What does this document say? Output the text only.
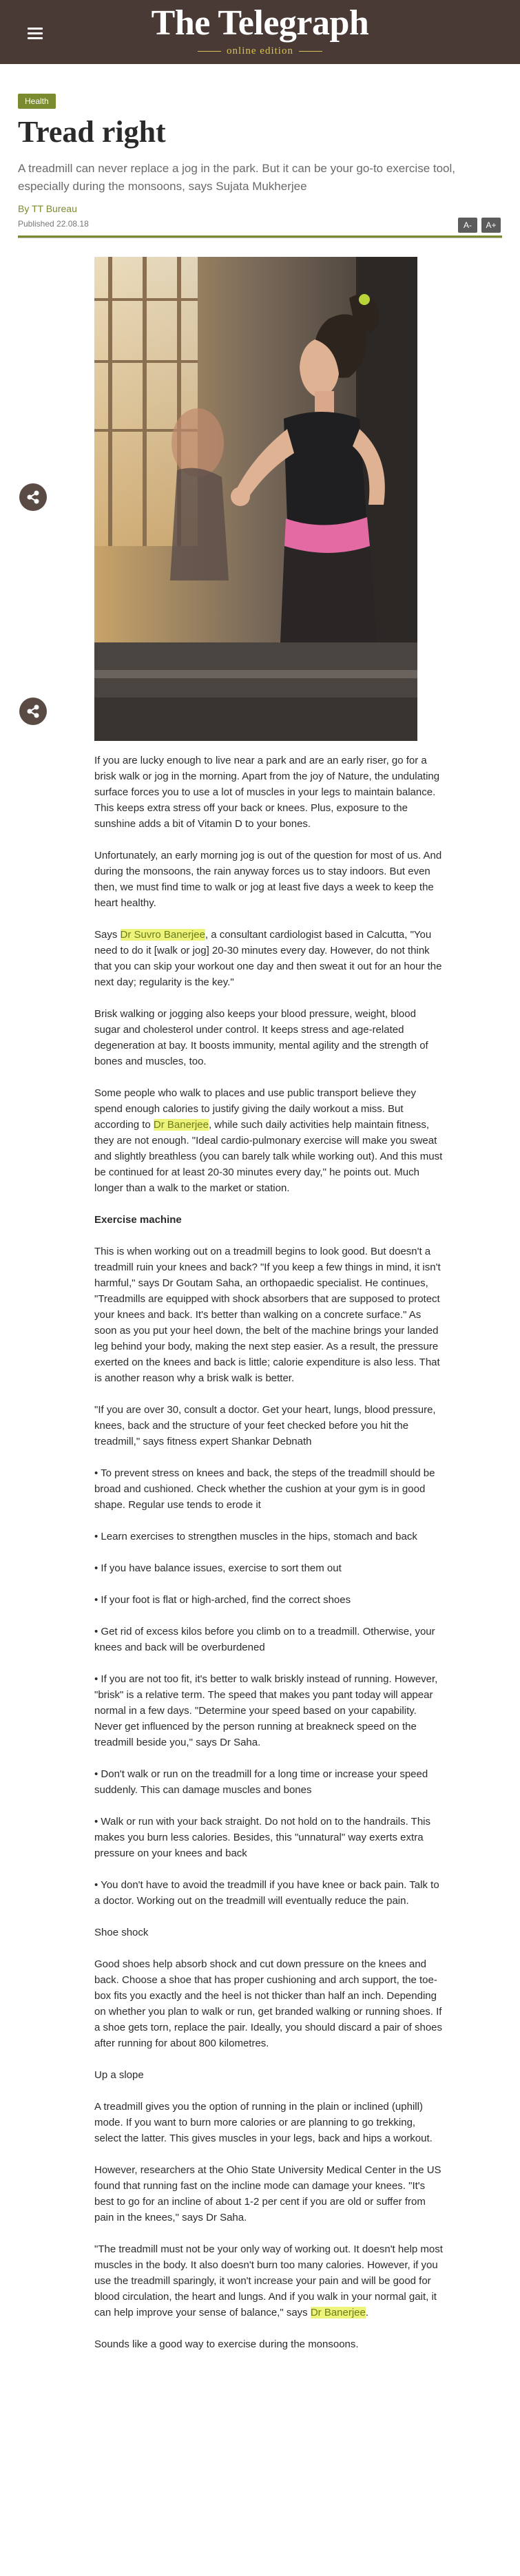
The Telegraph
online edition
Health
Tread right

A treadmill can never replace a jog in the park. But it can be your go-to exercise tool, especially during the monsoons, says Sujata Mukherjee

By TT Bureau
Published 22.08.18	A-	A+

If you are lucky enough to live near a park and are an early riser, go for a brisk walk or jog in the morning. Apart from the joy of Nature, the undulating surface forces you to use a lot of muscles in your legs to maintain balance. This keeps extra stress off your back or knees. Plus, exposure to the sunshine adds a bit of Vitamin D to your bones.

Unfortunately, an early morning jog is out of the question for most of us. And during the monsoons, the rain anyway forces us to stay indoors. But even then, we must find time to walk or jog at least five days a week to keep the heart healthy.

Says Dr Suvro Banerjee, a consultant cardiologist based in Calcutta, "You need to do it [walk or jog] 20-30 minutes every day. However, do not think that you can skip your workout one day and then sweat it out for an hour the next day; regularity is the key."

Brisk walking or jogging also keeps your blood pressure, weight, blood sugar and cholesterol under control. It keeps stress and age-related degeneration at bay. It boosts immunity, mental agility and the strength of bones and muscles, too.

Some people who walk to places and use public transport believe they spend enough calories to justify giving the daily workout a miss. But according to Dr Banerjee, while such daily activities help maintain fitness, they are not enough. "Ideal cardio-pulmonary exercise will make you sweat and slightly breathless (you can barely talk while working out). And this must be continued for at least 20-30 minutes every day," he points out. Much longer than a walk to the market or station.

Exercise machine

This is when working out on a treadmill begins to look good. But doesn't a treadmill ruin your knees and back? "If you keep a few things in mind, it isn't harmful," says Dr Goutam Saha, an orthopaedic specialist. He continues, "Treadmills are equipped with shock absorbers that are supposed to protect your knees and back. It's better than walking on a concrete surface." As soon as you put your heel down, the belt of the machine brings your landed leg behind your body, making the next step easier. As a result, the pressure exerted on the knees and back is little; calorie expenditure is also less. That is another reason why a brisk walk is better.

"If you are over 30, consult a doctor. Get your heart, lungs, blood pressure, knees, back and the structure of your feet checked before you hit the treadmill," says fitness expert Shankar Debnath

• To prevent stress on knees and back, the steps of the treadmill should be broad and cushioned. Check whether the cushion at your gym is in good shape. Regular use tends to erode it

• Learn exercises to strengthen muscles in the hips, stomach and back

• If you have balance issues, exercise to sort them out

• If your foot is flat or high-arched, find the correct shoes

• Get rid of excess kilos before you climb on to a treadmill. Otherwise, your knees and back will be overburdened

• If you are not too fit, it's better to walk briskly instead of running. However, "brisk" is a relative term. The speed that makes you pant today will appear normal in a few days. "Determine your speed based on your capability. Never get influenced by the person running at breakneck speed on the treadmill beside you," says Dr Saha.

• Don't walk or run on the treadmill for a long time or increase your speed suddenly. This can damage muscles and bones

• Walk or run with your back straight. Do not hold on to the handrails. This makes you burn less calories. Besides, this "unnatural" way exerts extra pressure on your knees and back

• You don't have to avoid the treadmill if you have knee or back pain. Talk to a doctor. Working out on the treadmill will eventually reduce the pain.

Shoe shock

Good shoes help absorb shock and cut down pressure on the knees and back. Choose a shoe that has proper cushioning and arch support, the toe-box fits you exactly and the heel is not thicker than half an inch. Depending on whether you plan to walk or run, get branded walking or running shoes. If a shoe gets torn, replace the pair. Ideally, you should discard a pair of shoes after running for about 800 kilometres.

Up a slope

A treadmill gives you the option of running in the plain or inclined (uphill) mode. If you want to burn more calories or are planning to go trekking, select the latter. This gives muscles in your legs, back and hips a workout.

However, researchers at the Ohio State University Medical Center in the US found that running fast on the incline mode can damage your knees. "It's best to go for an incline of about 1-2 per cent if you are old or suffer from pain in the knees," says Dr Saha.

"The treadmill must not be your only way of working out. It doesn't help most muscles in the body. It also doesn't burn too many calories. However, if you use the treadmill sparingly, it won't increase your pain and will be good for blood circulation, the heart and lungs. And if you walk in your normal gait, it can help improve your sense of balance," says Dr Banerjee.

Sounds like a good way to exercise during the monsoons.
